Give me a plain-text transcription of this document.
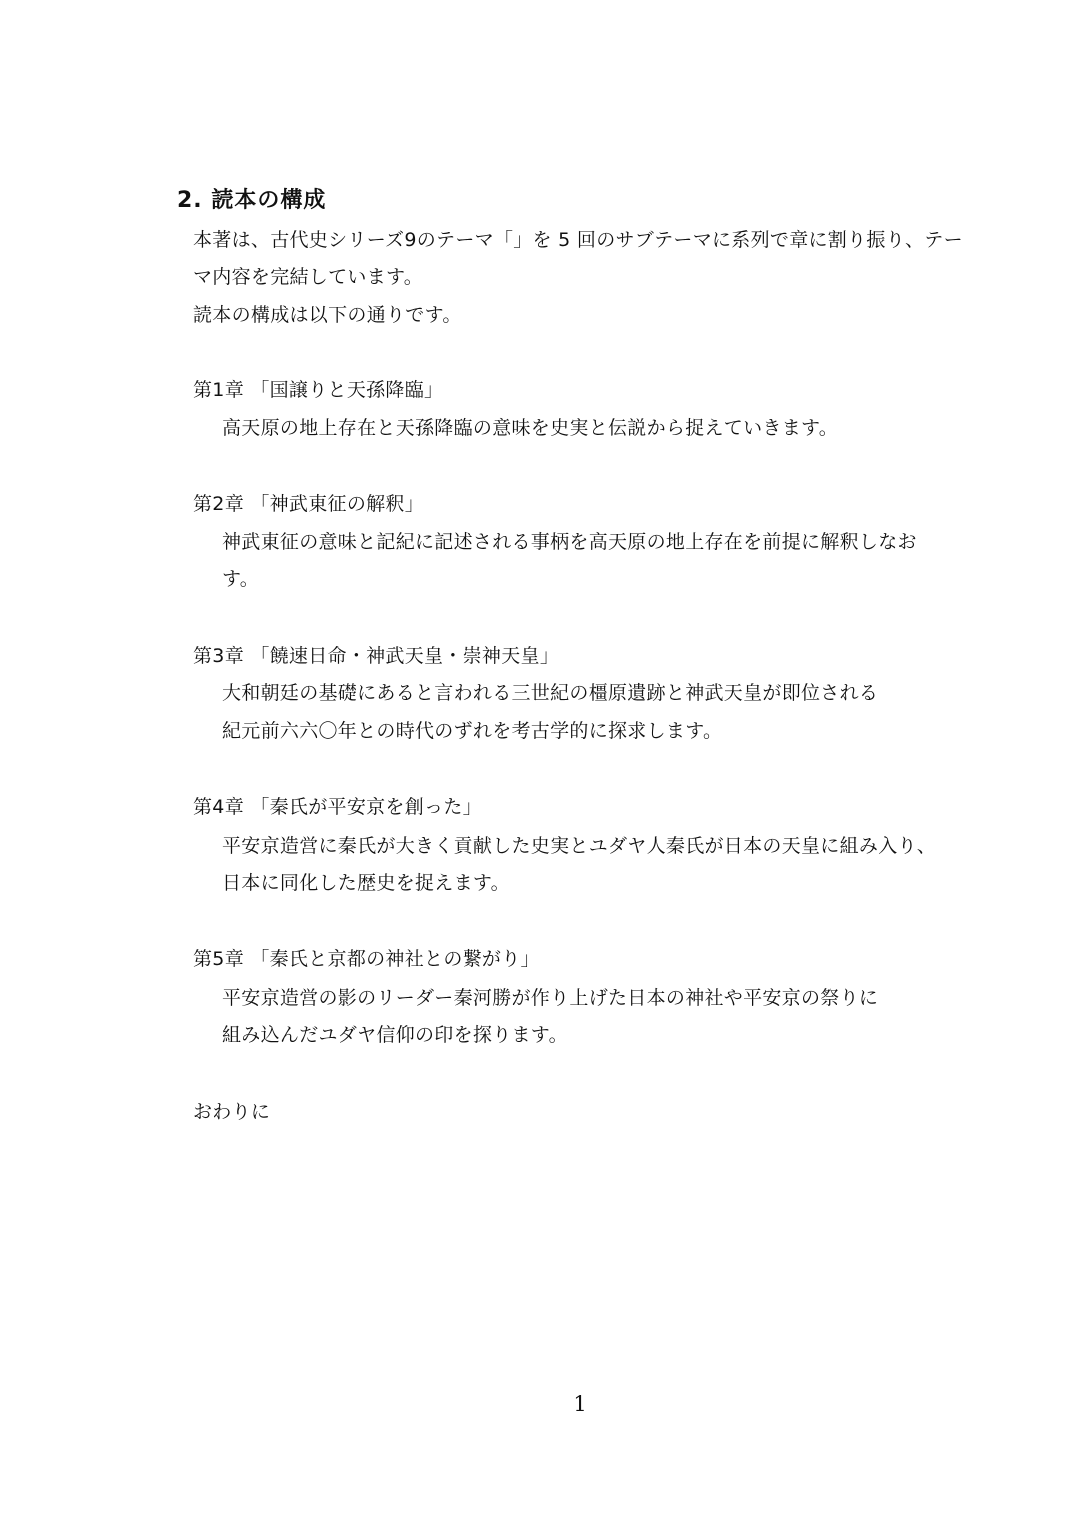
2. 読本の構成
本著は、古代史シリーズ9のテーマ「」を 5 回のサブテーマに系列で章に割り振り、テー
マ内容を完結しています。
読本の構成は以下の通りです。
第1章 「国譲りと天孫降臨」
高天原の地上存在と天孫降臨の意味を史実と伝説から捉えていきます。
第2章 「神武東征の解釈」
神武東征の意味と記紀に記述される事柄を高天原の地上存在を前提に解釈しなお
す。
第3章 「饒速日命・神武天皇・崇神天皇」
大和朝廷の基礎にあると言われる三世紀の橿原遺跡と神武天皇が即位される
紀元前六六〇年との時代のずれを考古学的に探求します。
第4章 「秦氏が平安京を創った」
平安京造営に秦氏が大きく貢献した史実とユダヤ人秦氏が日本の天皇に組み入り、
日本に同化した歴史を捉えます。
第5章 「秦氏と京都の神社との繋がり」
平安京造営の影のリーダー秦河勝が作り上げた日本の神社や平安京の祭りに
組み込んだユダヤ信仰の印を探ります。
おわりに
1
